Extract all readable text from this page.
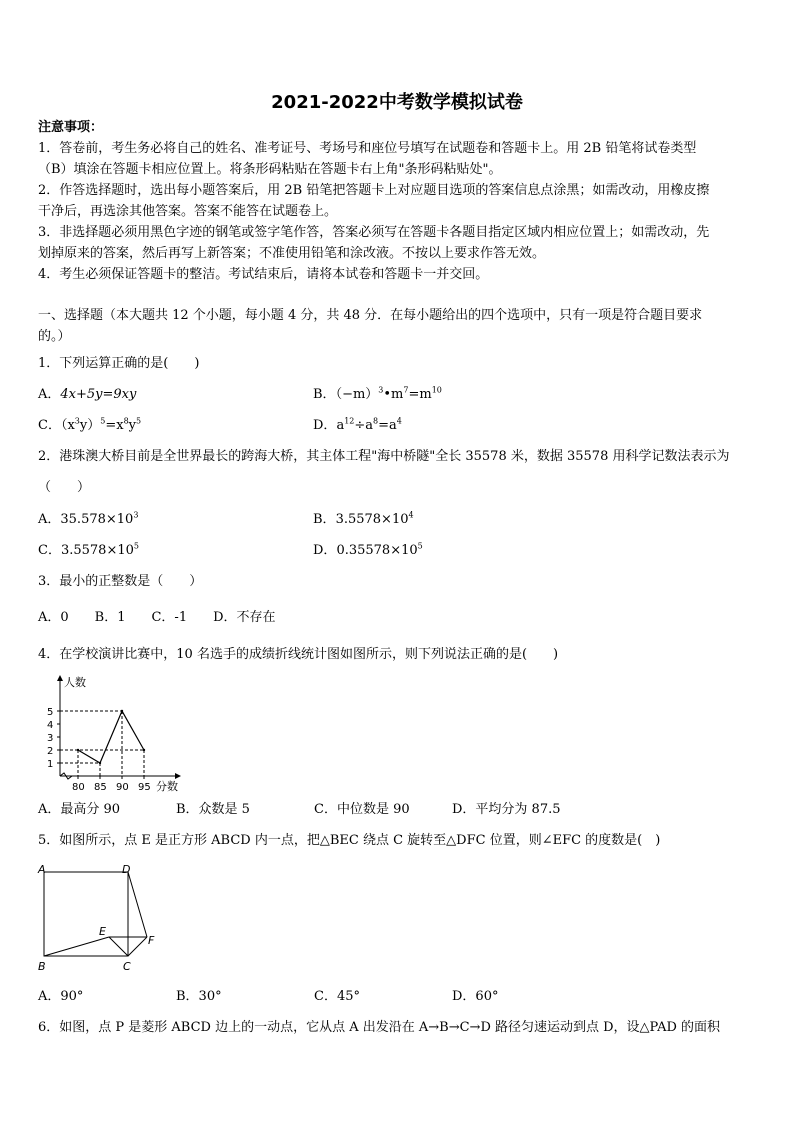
2021-2022中考数学模拟试卷
注意事项：
1．答卷前，考生务必将自己的姓名、准考证号、考场号和座位号填写在试题卷和答题卡上。用 2B 铅笔将试卷类型
（B）填涂在答题卡相应位置上。将条形码粘贴在答题卡右上角"条形码粘贴处"。
2．作答选择题时，选出每小题答案后，用 2B 铅笔把答题卡上对应题目选项的答案信息点涂黑；如需改动，用橡皮擦
干净后，再选涂其他答案。答案不能答在试题卷上。
3．非选择题必须用黑色字迹的钢笔或签字笔作答，答案必须写在答题卡各题目指定区域内相应位置上；如需改动，先
划掉原来的答案，然后再写上新答案；不准使用铅笔和涂改液。不按以上要求作答无效。
4．考生必须保证答题卡的整洁。考试结束后，请将本试卷和答题卡一并交回。
一、选择题（本大题共 12 个小题，每小题 4 分，共 48 分．在每小题给出的四个选项中，只有一项是符合题目要求
的。）
1．下列运算正确的是(　　)
A．4x+5y=9xy	B．$(-m)^3•m^7=m^{10}$
C．$(x^3y)^5=x^8y^5$	D．$a^{12}\div a^8=a^4$
2．港珠澳大桥目前是全世界最长的跨海大桥，其主体工程"海中桥隧"全长 35578 米，数据 35578 用科学记数法表示为
（　　）
A．$35.578\times 10^3$	B．$3.5578\times 10^4$
C．$3.5578\times 10^5$	D．$0.35578\times 10^5$
3．最小的正整数是（　　）
A．0　　B．1　　C．-1　　D．不存在
4．在学校演讲比赛中，10 名选手的成绩折线统计图如图所示，则下列说法正确的是(　　)
1
2
3
4
5
80 85 90 95
人数
分数
A．最高分 90	B．众数是 5	C．中位数是 90	D．平均分为 87.5
5．如图所示，点 E 是正方形 ABCD 内一点，把△BEC 绕点 C 旋转至△DFC 位置，则∠EFC 的度数是(　)
A	D
B	C
E
F
A．90°	B．30°	C．45°	D．60°
6．如图，点 P 是菱形 ABCD 边上的一动点，它从点 A 出发沿在 A→B→C→D 路径匀速运动到点 D，设△PAD 的面积
